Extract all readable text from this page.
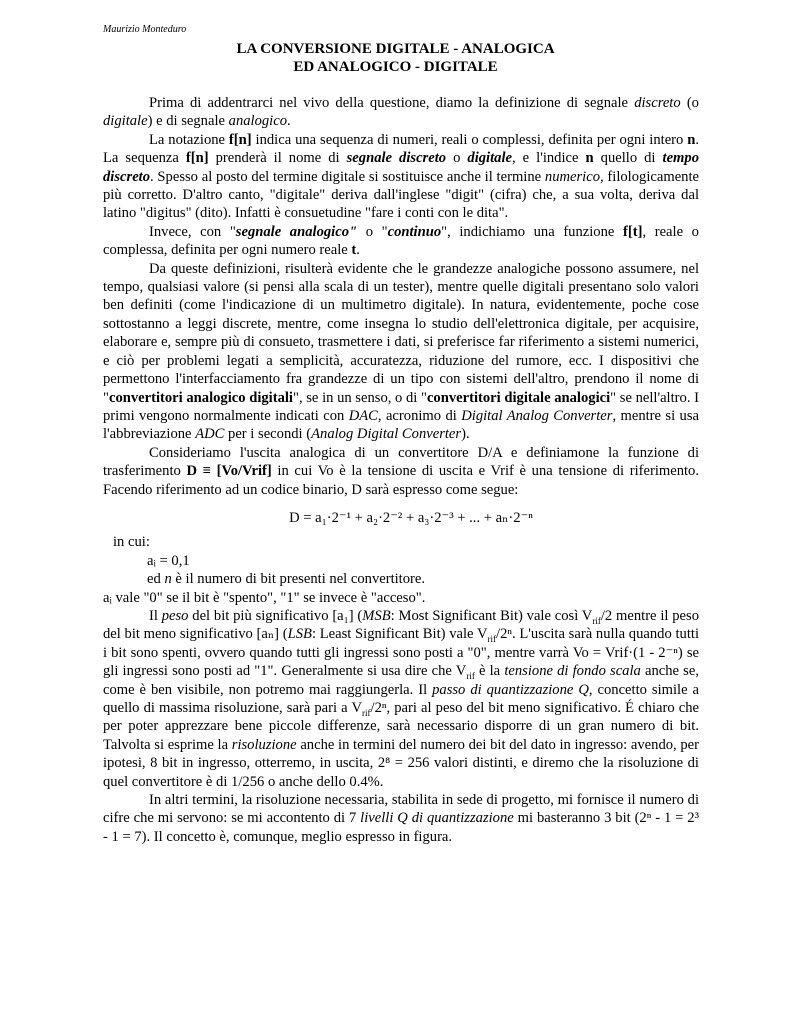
Maurizio Monteduro
LA CONVERSIONE DIGITALE - ANALOGICA
ED ANALOGICO - DIGITALE

Prima di addentrarci nel vivo della questione, diamo la definizione di segnale discreto (o digitale) e di segnale analogico.

La notazione f[n] indica una sequenza di numeri, reali o complessi, definita per ogni intero n. La sequenza f[n] prenderà il nome di segnale discreto o digitale, e l'indice n quello di tempo discreto. Spesso al posto del termine digitale si sostituisce anche il termine numerico, filologicamente più corretto. D'altro canto, "digitale" deriva dall'inglese "digit" (cifra) che, a sua volta, deriva dal latino "digitus" (dito). Infatti è consuetudine "fare i conti con le dita".

Invece, con "segnale analogico" o "continuo", indichiamo una funzione f[t], reale o complessa, definita per ogni numero reale t.

Da queste definizioni, risulterà evidente che le grandezze analogiche possono assumere, nel tempo, qualsiasi valore (si pensi alla scala di un tester), mentre quelle digitali presentano solo valori ben definiti (come l'indicazione di un multimetro digitale). In natura, evidentemente, poche cose sottostanno a leggi discrete, mentre, come insegna lo studio dell'elettronica digitale, per acquisire, elaborare e, sempre più di consueto, trasmettere i dati, si preferisce far riferimento a sistemi numerici, e ciò per problemi legati a semplicità, accuratezza, riduzione del rumore, ecc. I dispositivi che permettono l'interfacciamento fra grandezze di un tipo con sistemi dell'altro, prendono il nome di "convertitori analogico digitali", se in un senso, o di "convertitori digitale analogici" se nell'altro. I primi vengono normalmente indicati con DAC, acronimo di Digital Analog Converter, mentre si usa l'abbreviazione ADC per i secondi (Analog Digital Converter).

Consideriamo l'uscita analogica di un convertitore D/A e definiamone la funzione di trasferimento D ≡ [Vo/Vrif] in cui Vo è la tensione di uscita e Vrif è una tensione di riferimento. Facendo riferimento ad un codice binario, D sarà espresso come segue:

D = a₁·2⁻¹ + a₂·2⁻² + a₃·2⁻³ + ... + aₙ·2⁻ⁿ
in cui:
aᵢ = 0,1
ed n è il numero di bit presenti nel convertitore.
aᵢ vale "0" se il bit è "spento", "1" se invece è "acceso".

Il peso del bit più significativo [a₁] (MSB: Most Significant Bit) vale così $V_{rif}/2$ mentre il peso del bit meno significativo [aₙ] (LSB: Least Significant Bit) vale $V_{rif}/2^n$. L'uscita sarà nulla quando tutti i bit sono spenti, ovvero quando tutti gli ingressi sono posti a "0", mentre varrà Vo = Vrif·(1 - 2⁻ⁿ) se gli ingressi sono posti ad "1". Generalmente si usa dire che $V_{rif}$ è la tensione di fondo scala anche se, come è ben visibile, non potremo mai raggiungerla. Il passo di quantizzazione Q, concetto simile a quello di massima risoluzione, sarà pari a $V_{rif}/2^n$, pari al peso del bit meno significativo. É chiaro che per poter apprezzare bene piccole differenze, sarà necessario disporre di un gran numero di bit. Talvolta si esprime la risoluzione anche in termini del numero dei bit del dato in ingresso: avendo, per ipotesi, 8 bit in ingresso, otterremo, in uscita, 2⁸ = 256 valori distinti, e diremo che la risoluzione di quel convertitore è di 1/256 o anche dello 0.4%.

In altri termini, la risoluzione necessaria, stabilita in sede di progetto, mi fornisce il numero di cifre che mi servono: se mi accontento di 7 livelli Q di quantizzazione mi basteranno 3 bit (2ⁿ - 1 = 2³ - 1 = 7). Il concetto è, comunque, meglio espresso in figura.
